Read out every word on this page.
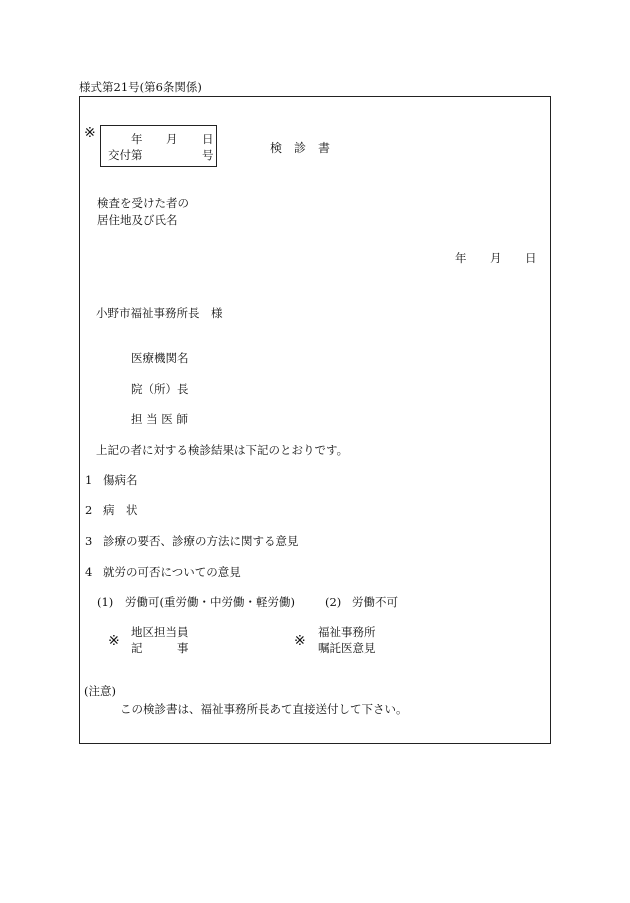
様式第21号(第6条関係)
※	年 月 日
交付第	号	検　診　書
検査を受けた者の
居住地及び氏名
年 月 日
小野市福祉事務所長　様
医療機関名
院（所）長
担 当 医 師
上記の者に対する検診結果は下記のとおりです。
1 傷病名
2 病　状
3 診療の要否、診療の方法に関する意見
4 就労の可否についての意見
(1) 労働可(重労働・中労働・軽労働)	(2) 労働不可
※
地区担当員
記　　　事	※
福祉事務所
嘱託医意見
(注意)
この検診書は、福祉事務所長あて直接送付して下さい。
